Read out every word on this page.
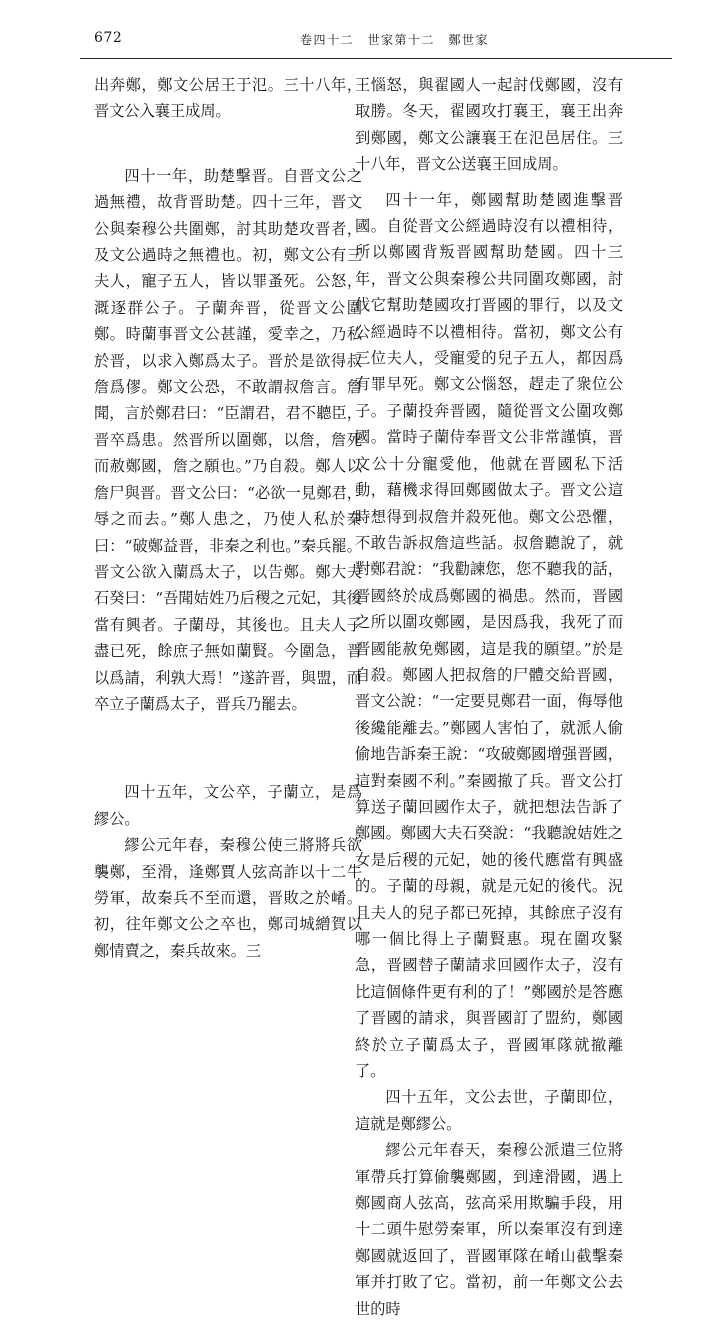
672	卷四十二　世家第十二　鄭世家

出奔鄭，鄭文公居王于氾。三十八年，晋文公入襄王成周。

四十一年，助楚擊晋。自晋文公之過無禮，故背晋助楚。四十三年，晋文公與秦穆公共圍鄭，討其助楚攻晋者，及文公過時之無禮也。初，鄭文公有三夫人，寵子五人，皆以罪蚤死。公怒，溉逐群公子。子蘭奔晋，從晋文公圍鄭。時蘭事晋文公甚謹，愛幸之，乃私於晋，以求入鄭爲太子。晋於是欲得叔詹爲僇。鄭文公恐，不敢謂叔詹言。詹聞，言於鄭君曰：“臣謂君，君不聽臣，晋卒爲患。然晋所以圍鄭，以詹，詹死而赦鄭國，詹之願也。”乃自殺。鄭人以詹尸與晋。晋文公曰：“必欲一見鄭君，辱之而去。”鄭人患之，乃使人私於秦曰：“破鄭益晋，非秦之利也。”秦兵罷。晋文公欲入蘭爲太子，以告鄭。鄭大夫石癸曰：“吾聞姞姓乃后稷之元妃，其後當有興者。子蘭母，其後也。且夫人子盡已死，餘庶子無如蘭賢。今圍急，晋以爲請，利孰大焉！”遂許晋，與盟，而卒立子蘭爲太子，晋兵乃罷去。

四十五年，文公卒，子蘭立，是爲繆公。

繆公元年春，秦穆公使三將將兵欲襲鄭，至滑，逢鄭賈人弦高詐以十二牛勞軍，故秦兵不至而還，晋敗之於崤。初，往年鄭文公之卒也，鄭司城繒賀以鄭情賣之，秦兵故來。三

王惱怒，與翟國人一起討伐鄭國，沒有取勝。冬天，翟國攻打襄王，襄王出奔到鄭國，鄭文公讓襄王在氾邑居住。三十八年，晋文公送襄王回成周。

四十一年，鄭國幫助楚國進擊晋國。自從晋文公經過時沒有以禮相待，所以鄭國背叛晋國幫助楚國。四十三年，晋文公與秦穆公共同圍攻鄭國，討伐它幫助楚國攻打晋國的罪行，以及文公經過時不以禮相待。當初，鄭文公有三位夫人，受寵愛的兒子五人，都因爲有罪早死。鄭文公惱怒，趕走了衆位公子。子蘭投奔晋國，隨從晋文公圍攻鄭國。當時子蘭侍奉晋文公非常謹慎，晋文公十分寵愛他，他就在晋國私下活動，藉機求得回鄭國做太子。晋文公這時想得到叔詹并殺死他。鄭文公恐懼，不敢告訴叔詹這些話。叔詹聽說了，就對鄭君說：“我勸諫您，您不聽我的話，晋國終於成爲鄭國的禍患。然而，晋國之所以圍攻鄭國，是因爲我，我死了而晋國能赦免鄭國，這是我的願望。”於是自殺。鄭國人把叔詹的尸體交給晋國，晋文公說：“一定要見鄭君一面，侮辱他後纔能離去。”鄭國人害怕了，就派人偷偷地告訴秦王說：“攻破鄭國增强晋國，這對秦國不利。”秦國撤了兵。晋文公打算送子蘭回國作太子，就把想法告訴了鄭國。鄭國大夫石癸說：“我聽說姞姓之女是后稷的元妃，她的後代應當有興盛的。子蘭的母親，就是元妃的後代。況且夫人的兒子都已死掉，其餘庶子沒有哪一個比得上子蘭賢惠。現在圍攻緊急，晋國替子蘭請求回國作太子，沒有比這個條件更有利的了！”鄭國於是答應了晋國的請求，與晋國訂了盟約，鄭國終於立子蘭爲太子，晋國軍隊就撤離了。

四十五年，文公去世，子蘭即位，這就是鄭繆公。

繆公元年春天，秦穆公派遣三位將軍帶兵打算偷襲鄭國，到達滑國，遇上鄭國商人弦高，弦高采用欺騙手段，用十二頭牛慰勞秦軍，所以秦軍沒有到達鄭國就返回了，晋國軍隊在崤山截擊秦軍并打敗了它。當初，前一年鄭文公去世的時
